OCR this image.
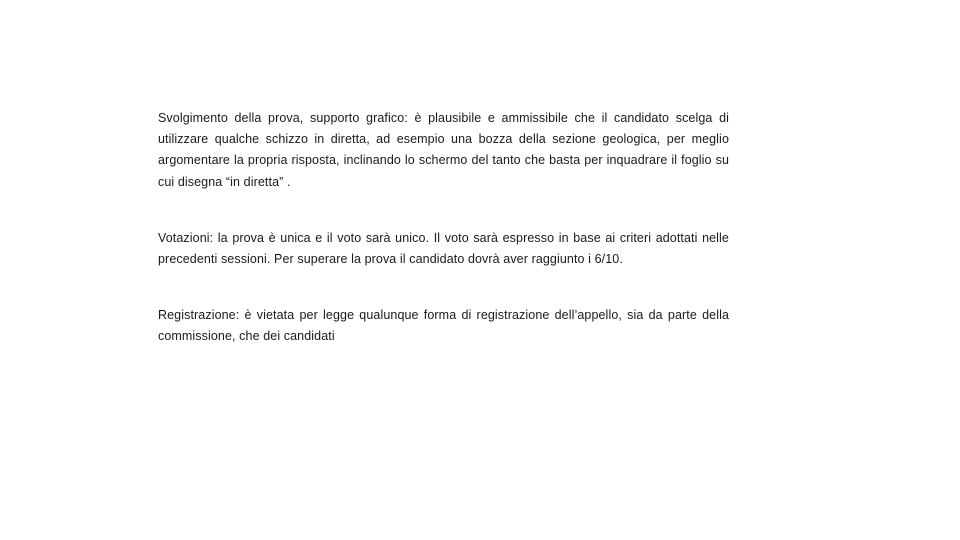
Svolgimento della prova, supporto grafico: è plausibile e ammissibile che il candidato scelga di utilizzare qualche schizzo in diretta, ad esempio una bozza della sezione geologica, per meglio argomentare la propria risposta, inclinando lo schermo del tanto che basta per inquadrare il foglio su cui disegna “in diretta” .

Votazioni: la prova è unica e il voto sarà unico. Il voto sarà espresso in base ai criteri adottati nelle precedenti sessioni. Per superare la prova il candidato dovrà aver raggiunto i 6/10.

Registrazione: è vietata per legge qualunque forma di registrazione dell’appello, sia da parte della commissione, che dei candidati
